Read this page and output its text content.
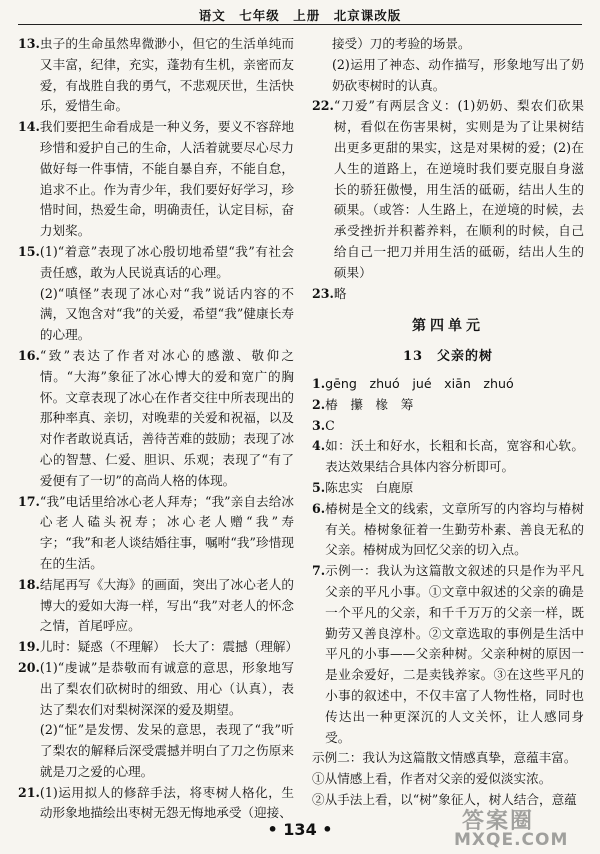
语文　七年级　上册　北京课改版
13. 虫子的生命虽然卑微渺小，但它的生活单纯而又丰富，纪律，充实，蓬勃有生机，亲密而友爱，有战胜自我的勇气，不悲观厌世，生活快乐，爱惜生命。
14. 我们要把生命看成是一种义务，要义不容辞地珍惜和爱护自己的生命，人活着就要尽心尽力做好每一件事情，不能自暴自弃，不能自怠，追求不止。作为青少年，我们要好好学习，珍惜时间，热爱生命，明确责任，认定目标，奋力划桨。
15. (1)“着意”表现了冰心殷切地希望“我”有社会责任感，敢为人民说真话的心理。
(2)“嗔怪”表现了冰心对“我”说话内容的不满，又饱含对“我”的关爱，希望“我”健康长寿的心理。
16. “致”表达了作者对冰心的感激、敬仰之情。“大海”象征了冰心博大的爱和宽广的胸怀。文章表现了冰心在作者交往中所表现出的那种率真、亲切，对晚辈的关爱和祝福，以及对作者敢说真话，善待苦难的鼓励；表现了冰心的智慧、仁爱、胆识、乐观；表现了“有了爱便有了一切”的高尚人格的体现。
17. “我”电话里给冰心老人拜寿；“我”亲自去给冰心老人磕头祝寿；冰心老人赠“我”寿字；“我”和老人谈结婚往事，嘱咐“我”珍惜现在的生活。
18. 结尾再写《大海》的画面，突出了冰心老人的博大的爱如大海一样，写出“我”对老人的怀念之情，首尾呼应。
19. 儿时：疑惑（不理解）　长大了：震撼（理解）
20. (1)“虔诚”是恭敬而有诚意的意思，形象地写出了梨农们砍树时的细致、用心（认真），表达了梨农们对梨树深深的爱及期望。
(2)“怔”是发愣、发呆的意思，表现了“我”听了梨农的解释后深受震撼并明白了刀之伤原来就是刀之爱的心理。
21. (1)运用拟人的修辞手法，将枣树人格化，生动形象地描绘出枣树无怨无悔地承受（迎接、
接受）刀的考验的场景。
(2)运用了神态、动作描写，形象地写出了奶奶砍枣树时的认真。
22. “刀爱”有两层含义：(1)奶奶、梨农们砍果树，看似在伤害果树，实则是为了让果树结出更多更甜的果实，这是对果树的爱；(2)在人生的道路上，在逆境时我们要克服自身滋长的骄狂傲慢，用生活的砥砺，结出人生的硕果。（或答：人生路上，在逆境的时候，去承受挫折并积蓄养料，在顺利的时候，自己给自己一把刀并用生活的砥砺，结出人生的硕果）
23. 略
第四单元
13　父亲的树
1. gēng　zhuó　jué　xiān　zhuó
2. 椿　攥　椽　筹
3. C
4. 如：沃土和好水，长粗和长高，宽容和心软。表达效果结合具体内容分析即可。
5. 陈忠实　白鹿原
6. 椿树是全文的线索，文章所写的内容均与椿树有关。椿树象征着一生勤劳朴素、善良无私的父亲。椿树成为回忆父亲的切入点。
7. 示例一：我认为这篇散文叙述的只是作为平凡父亲的平凡小事。①文章中叙述的父亲的确是一个平凡的父亲，和千千万万的父亲一样，既勤劳又善良淳朴。②文章选取的事例是生活中平凡的小事——父亲种树。父亲种树的原因一是业余爱好，二是卖钱养家。③在这些平凡的小事的叙述中，不仅丰富了人物性格，同时也传达出一种更深沉的人文关怀，让人感同身受。
示例二：我认为这篇散文情感真挚，意蕴丰富。
①从情感上看，作者对父亲的爱似淡实浓。
②从手法上看，以“树”象征人，树人结合，意蕴
• 134 •	答案圈
MXQE.COM
